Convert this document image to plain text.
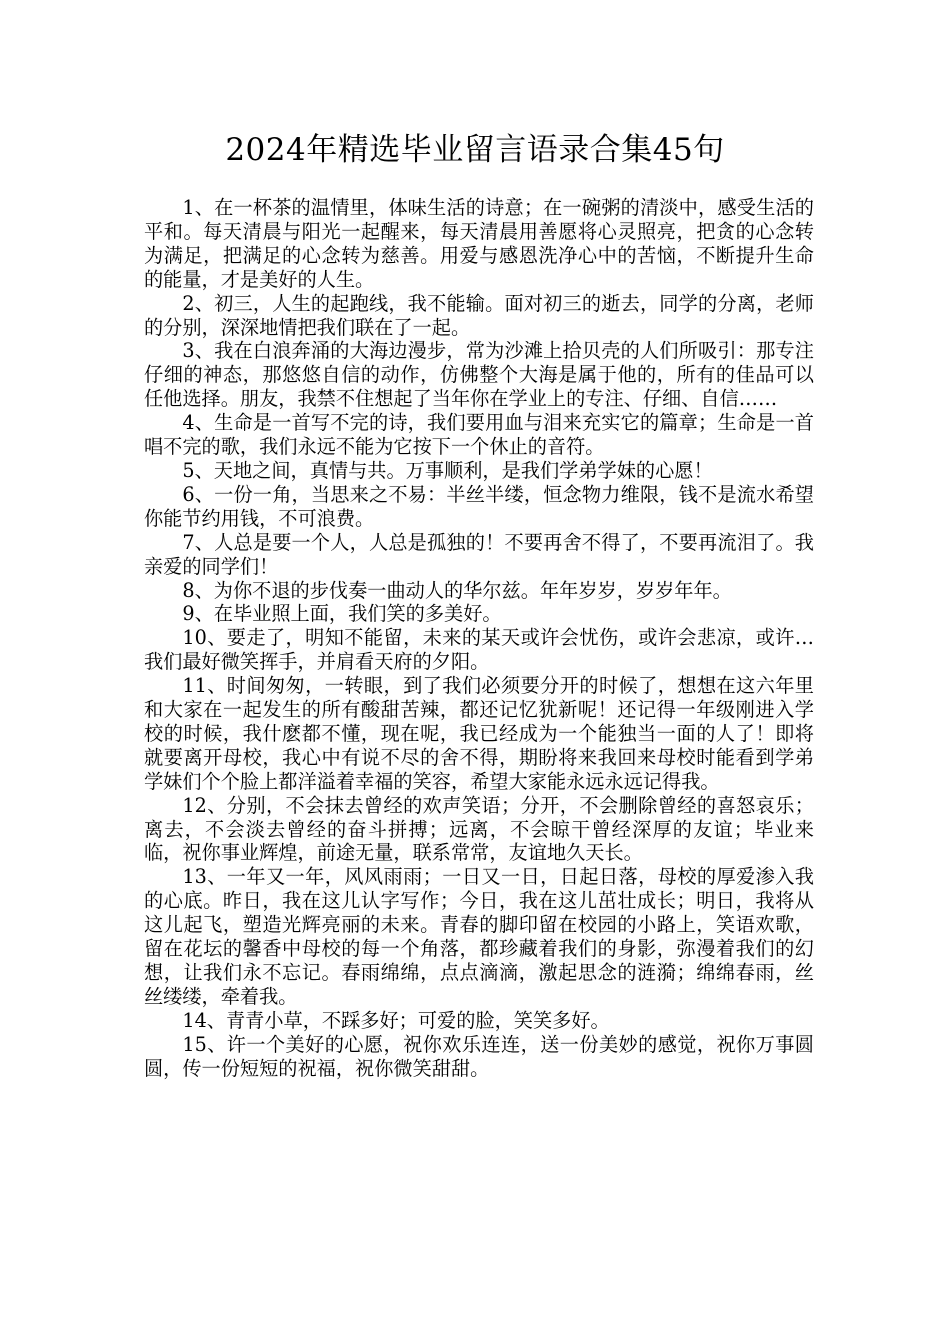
2024年精选毕业留言语录合集45句

1、在一杯茶的温情里，体味生活的诗意；在一碗粥的清淡中，感受生活的平和。每天清晨与阳光一起醒来，每天清晨用善愿将心灵照亮，把贪的心念转为满足，把满足的心念转为慈善。用爱与感恩洗净心中的苦恼，不断提升生命的能量，才是美好的人生。

2、初三，人生的起跑线，我不能输。面对初三的逝去，同学的分离，老师的分别，深深地情把我们联在了一起。

3、我在白浪奔涌的大海边漫步，常为沙滩上拾贝壳的人们所吸引：那专注仔细的神态，那悠悠自信的动作，仿佛整个大海是属于他的，所有的佳品可以任他选择。朋友，我禁不住想起了当年你在学业上的专注、仔细、自信……

4、生命是一首写不完的诗，我们要用血与泪来充实它的篇章；生命是一首唱不完的歌，我们永远不能为它按下一个休止的音符。

5、天地之间，真情与共。万事顺利，是我们学弟学妹的心愿！

6、一份一角，当思来之不易：半丝半缕，恒念物力维限，钱不是流水希望你能节约用钱，不可浪费。

7、人总是要一个人，人总是孤独的！不要再舍不得了，不要再流泪了。我亲爱的同学们！

8、为你不退的步伐奏一曲动人的华尔兹。年年岁岁，岁岁年年。

9、在毕业照上面，我们笑的多美好。

10、要走了，明知不能留，未来的某天或许会忧伤，或许会悲凉，或许…我们最好微笑挥手，并肩看天府的夕阳。

11、时间匆匆，一转眼，到了我们必须要分开的时候了，想想在这六年里和大家在一起发生的所有酸甜苦辣，都还记忆犹新呢！还记得一年级刚进入学校的时候，我什麽都不懂，现在呢，我已经成为一个能独当一面的人了！即将就要离开母校，我心中有说不尽的舍不得，期盼将来我回来母校时能看到学弟学妹们个个脸上都洋溢着幸福的笑容，希望大家能永远永远记得我。

12、分别，不会抹去曾经的欢声笑语；分开，不会删除曾经的喜怒哀乐；离去，不会淡去曾经的奋斗拼搏；远离，不会晾干曾经深厚的友谊；毕业来临，祝你事业辉煌，前途无量，联系常常，友谊地久天长。

13、一年又一年，风风雨雨；一日又一日，日起日落，母校的厚爱渗入我的心底。昨日，我在这儿认字写作；今日，我在这儿茁壮成长；明日，我将从这儿起飞，塑造光辉亮丽的未来。青春的脚印留在校园的小路上，笑语欢歌，留在花坛的馨香中母校的每一个角落，都珍藏着我们的身影，弥漫着我们的幻想，让我们永不忘记。春雨绵绵，点点滴滴，激起思念的涟漪；绵绵春雨，丝丝缕缕，牵着我。

14、青青小草，不踩多好；可爱的脸，笑笑多好。

15、许一个美好的心愿，祝你欢乐连连，送一份美妙的感觉，祝你万事圆圆，传一份短短的祝福，祝你微笑甜甜。
